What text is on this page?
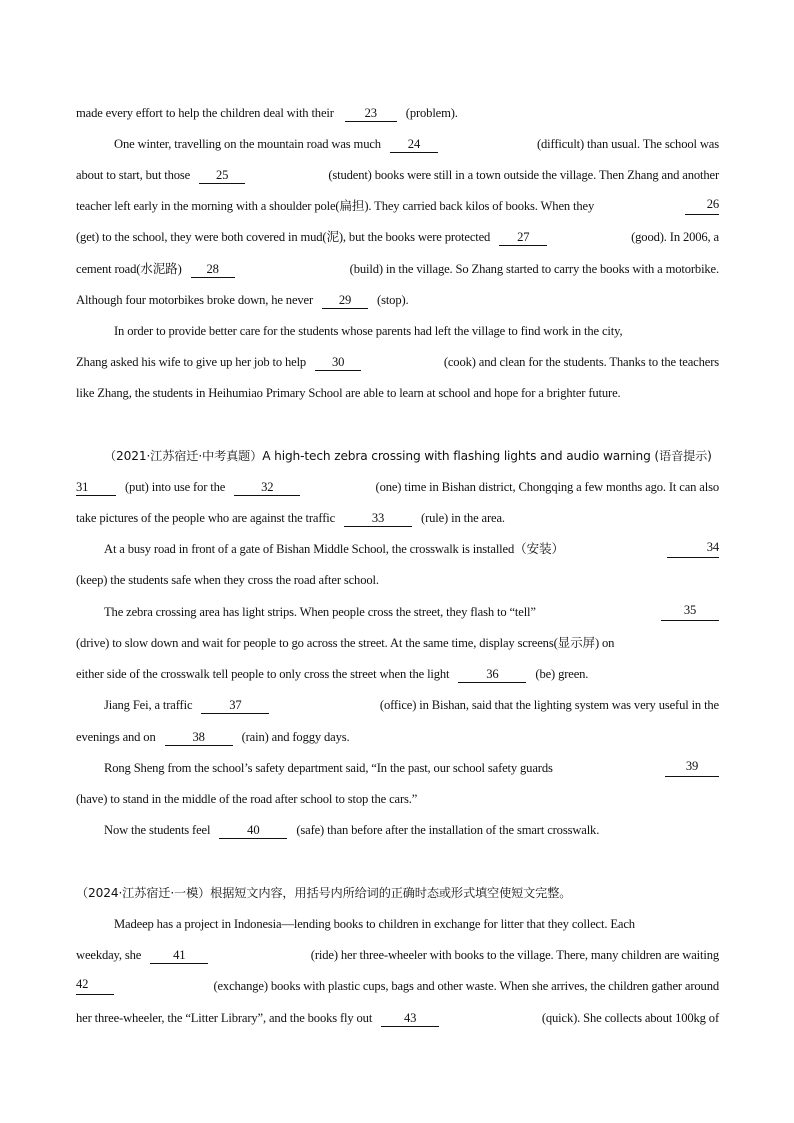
made every effort to help the children deal with their 23 (problem).
One winter, travelling on the mountain road was much 24	(difficult) than usual. The school was
about to start, but those 25	(student) books were still in a town outside the village. Then Zhang and another
teacher left early in the morning with a shoulder pole(扁担). They carried back kilos of books. When they	26
(get) to the school, they were both covered in mud(泥), but the books were protected 27	(good). In 2006, a
cement road(水泥路) 28	(build) in the village. So Zhang started to carry the books with a motorbike.
Although four motorbikes broke down, he never 29 (stop).
In order to provide better care for the students whose parents had left the village to find work in the city,
Zhang asked his wife to give up her job to help 30	(cook) and clean for the students. Thanks to the teachers
like Zhang, the students in Heihumiao Primary School are able to learn at school and hope for a brighter future.
（2021·江苏宿迁·中考真题）A high-tech zebra crossing with flashing lights and audio warning (语音提示)
31	(put) into use for the	32	(one) time in Bishan district, Chongqing a few months ago. It can also
take pictures of the people who are against the traffic	33	(rule) in the area.
At a busy road in front of a gate of Bishan Middle School, the crosswalk is installed（安装）	34
(keep) the students safe when they cross the road after school.
The zebra crossing area has light strips. When people cross the street, they flash to “tell”	35
(drive) to slow down and wait for people to go across the street. At the same time, display screens(显示屏) on
either side of the crosswalk tell people to only cross the street when the light	36	(be) green.
Jiang Fei, a traffic	37	(office) in Bishan, said that the lighting system was very useful in the
evenings and on	38	(rain) and foggy days.
Rong Sheng from the school’s safety department said, “In the past, our school safety guards	39
(have) to stand in the middle of the road after school to stop the cars.”
Now the students feel	40	(safe) than before after the installation of the smart crosswalk.
（2024·江苏宿迁·一模）根据短文内容，用括号内所给词的正确时态或形式填空使短文完整。
Madeep has a project in Indonesia—lending books to children in exchange for litter that they collect. Each
weekday, she	41	(ride) her three-wheeler with books to the village. There, many children are waiting
42	(exchange) books with plastic cups, bags and other waste. When she arrives, the children gather around
her three-wheeler, the “Litter Library”, and the books fly out	43	(quick). She collects about 100kg of
